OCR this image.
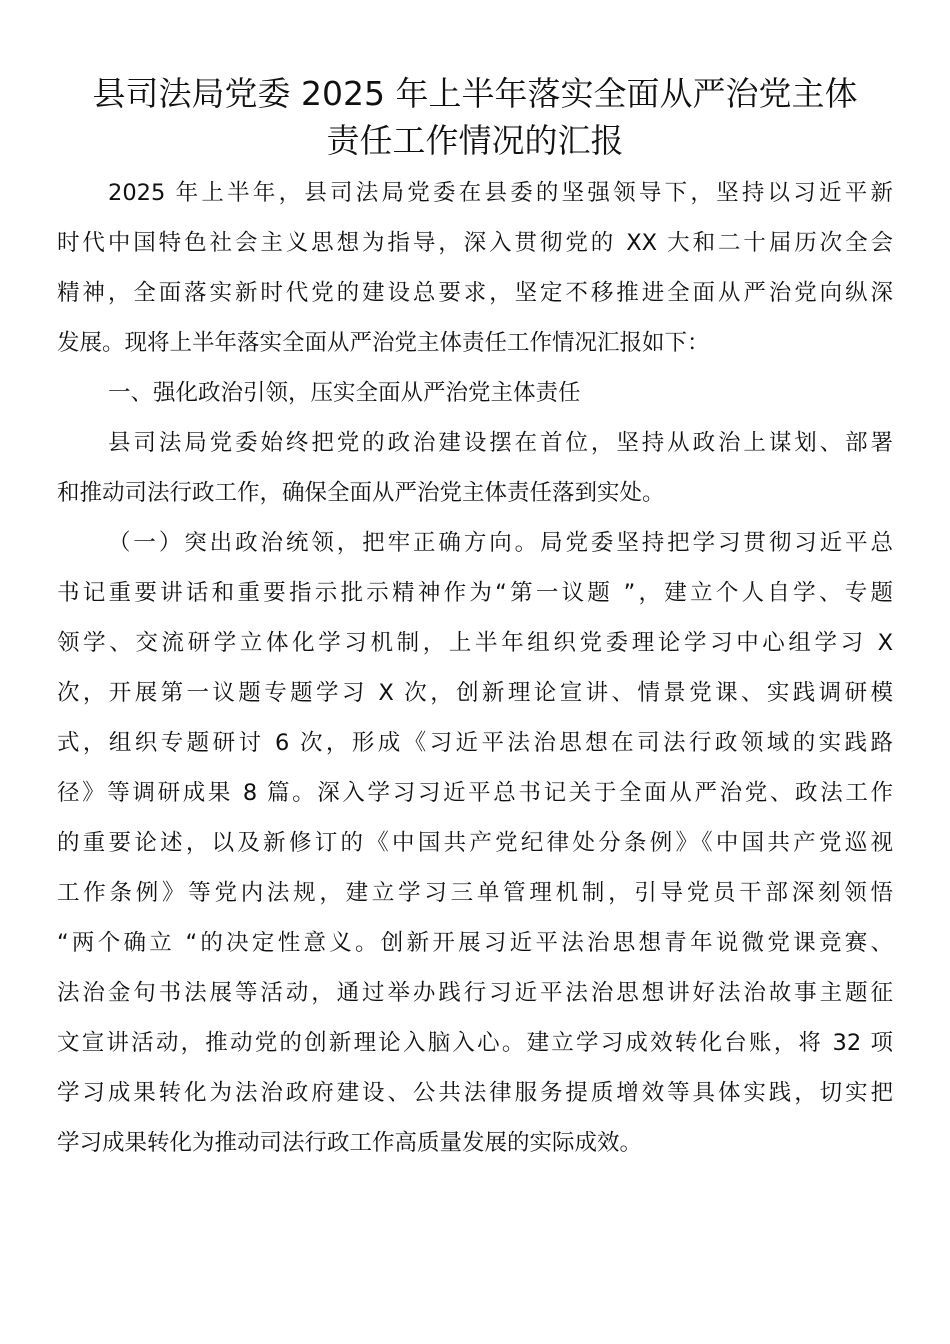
县司法局党委 2025 年上半年落实全面从严治党主体
责任工作情况的汇报
2025 年上半年，县司法局党委在县委的坚强领导下，坚持以习近平新
时代中国特色社会主义思想为指导，深入贯彻党的 XX 大和二十届历次全会
精神，全面落实新时代党的建设总要求，坚定不移推进全面从严治党向纵深
发展。现将上半年落实全面从严治党主体责任工作情况汇报如下：
一、强化政治引领，压实全面从严治党主体责任
县司法局党委始终把党的政治建设摆在首位，坚持从政治上谋划、部署
和推动司法行政工作，确保全面从严治党主体责任落到实处。
（一）突出政治统领，把牢正确方向。局党委坚持把学习贯彻习近平总
书记重要讲话和重要指示批示精神作为“第一议题 ”，建立个人自学、专题
领学、交流研学立体化学习机制，上半年组织党委理论学习中心组学习 X
次，开展第一议题专题学习 X 次，创新理论宣讲、情景党课、实践调研模
式，组织专题研讨 6 次，形成《习近平法治思想在司法行政领域的实践路
径》等调研成果 8 篇。深入学习习近平总书记关于全面从严治党、政法工作
的重要论述，以及新修订的《中国共产党纪律处分条例》《中国共产党巡视
工作条例》等党内法规，建立学习三单管理机制，引导党员干部深刻领悟
“两个确立 “的决定性意义。创新开展习近平法治思想青年说微党课竞赛、
法治金句书法展等活动，通过举办践行习近平法治思想讲好法治故事主题征
文宣讲活动，推动党的创新理论入脑入心。建立学习成效转化台账，将 32 项
学习成果转化为法治政府建设、公共法律服务提质增效等具体实践，切实把
学习成果转化为推动司法行政工作高质量发展的实际成效。
